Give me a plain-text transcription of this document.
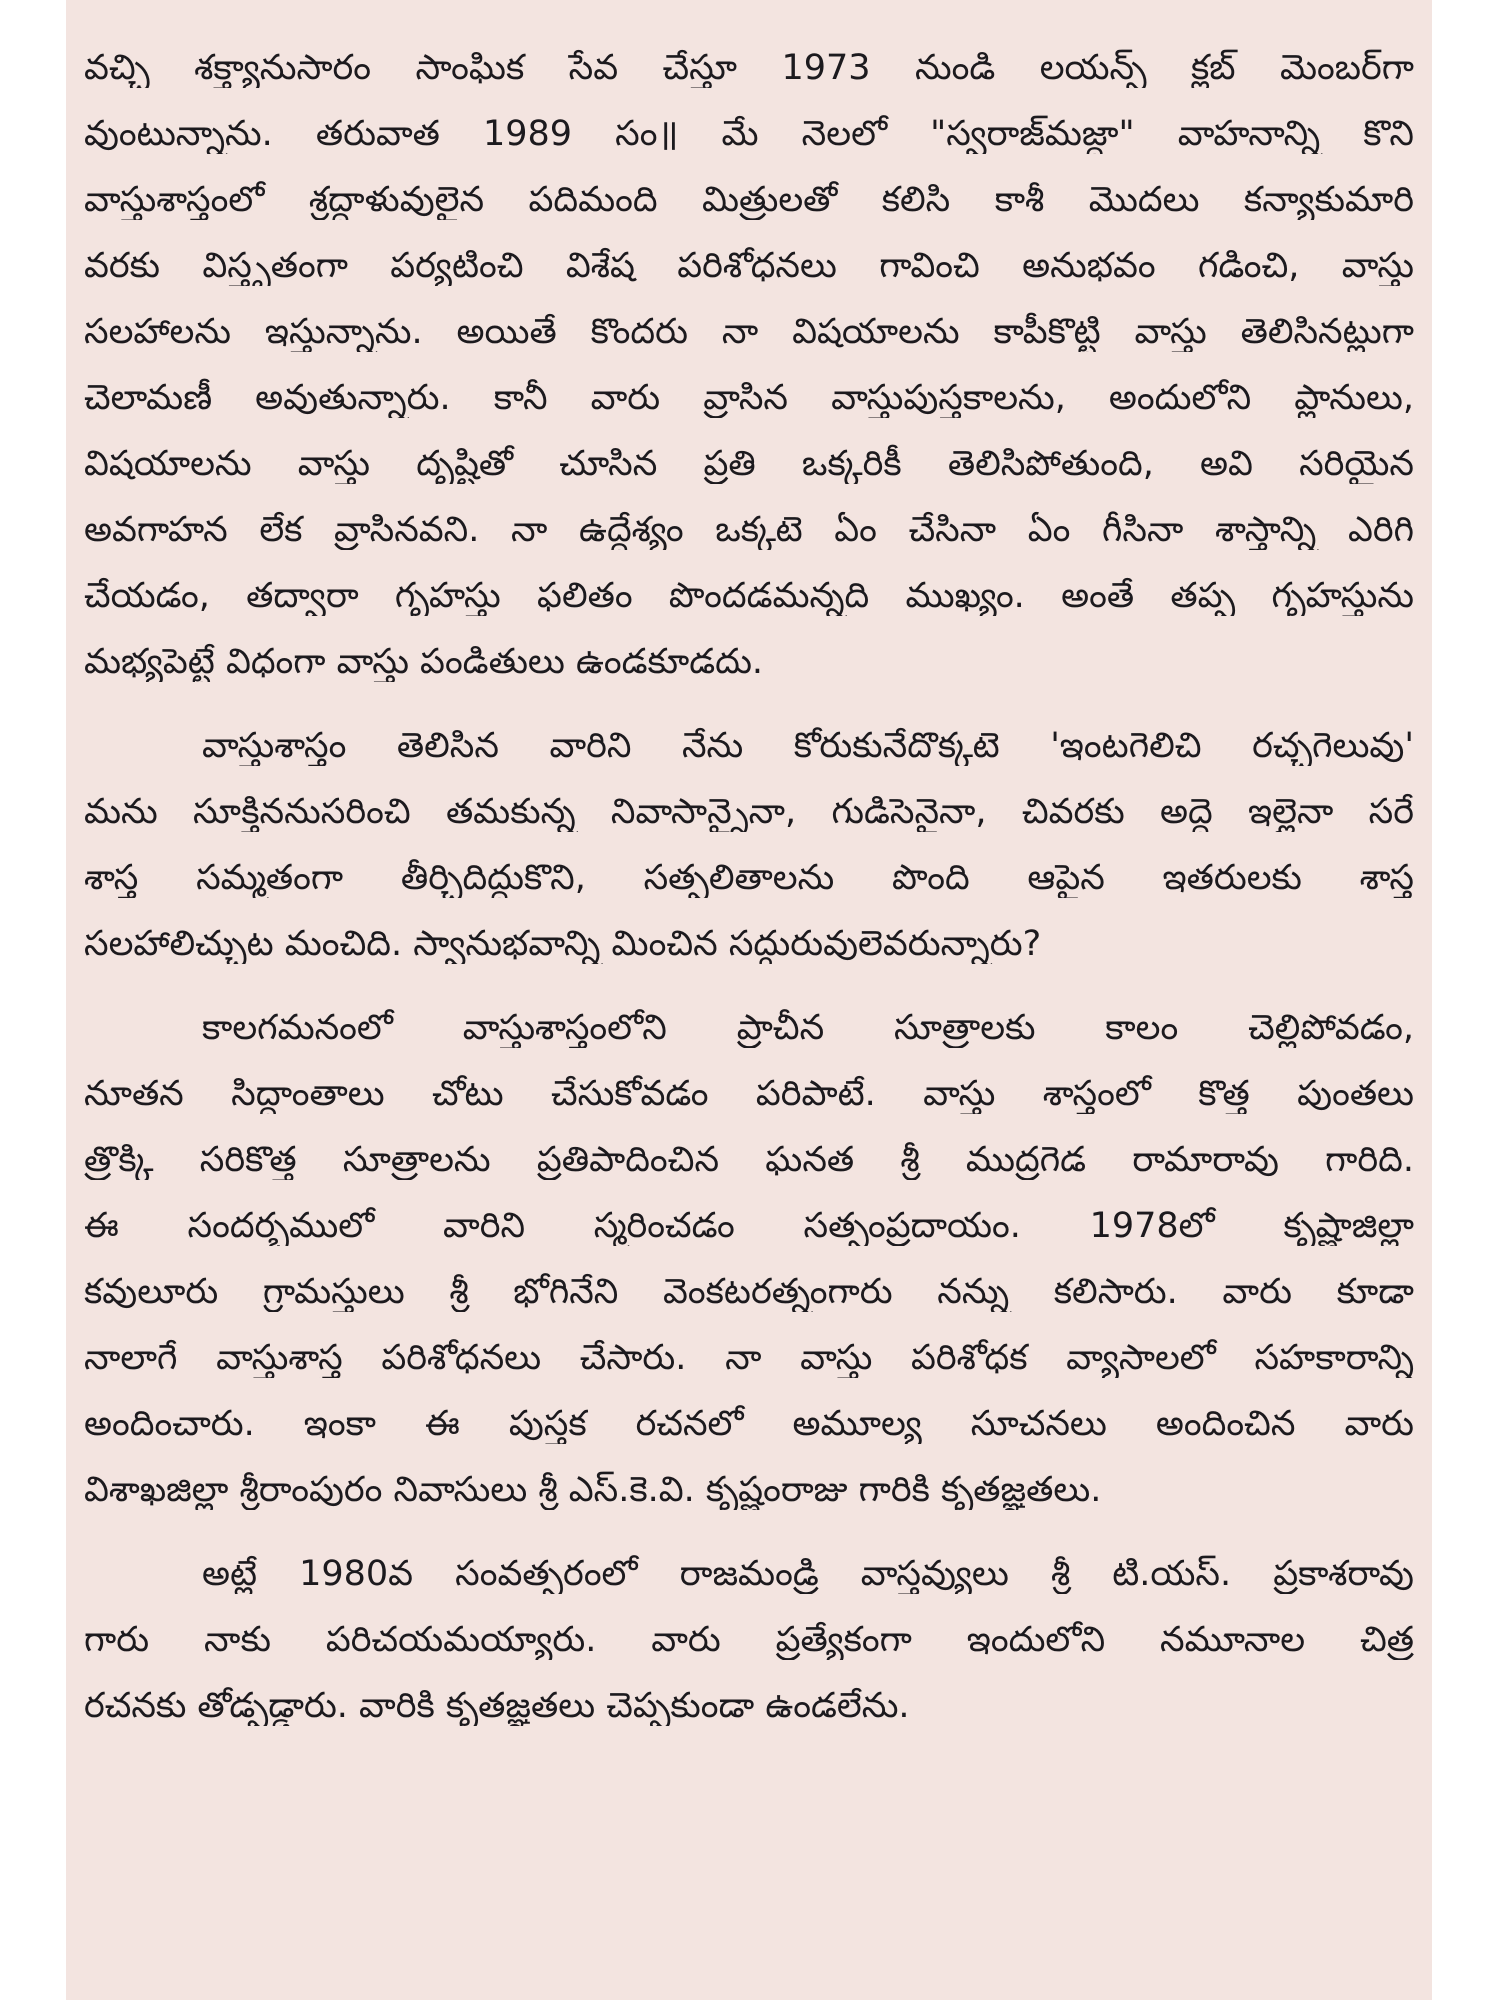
వచ్చి శక్త్యానుసారం సాంఘిక సేవ చేస్తూ 1973 నుండి లయన్స్ క్లబ్ మెంబర్‌గా
వుంటున్నాను. తరువాత 1989 సం॥ మే నెలలో "స్వరాజ్‌మజ్దా" వాహనాన్ని కొని
వాస్తుశాస్త్రంలో శ్రద్ధాళువులైన పదిమంది మిత్రులతో కలిసి కాశీ మొదలు కన్యాకుమారి
వరకు విస్తృతంగా పర్యటించి విశేష పరిశోధనలు గావించి అనుభవం గడించి, వాస్తు
సలహాలను ఇస్తున్నాను. అయితే కొందరు నా విషయాలను కాపీకొట్టి వాస్తు తెలిసినట్లుగా
చెలామణీ అవుతున్నారు. కానీ వారు వ్రాసిన వాస్తుపుస్తకాలను, అందులోని ప్లానులు,
విషయాలను వాస్తు దృష్టితో చూసిన ప్రతి ఒక్కరికీ తెలిసిపోతుంది, అవి సరియైన
అవగాహన లేక వ్రాసినవని. నా ఉద్దేశ్యం ఒక్కటె ఏం చేసినా ఏం గీసినా శాస్త్రాన్ని ఎరిగి
చేయడం, తద్వారా గృహస్తు ఫలితం పొందడమన్నది ముఖ్యం. అంతే తప్ప గృహస్తును
మభ్యపెట్టే విధంగా వాస్తు పండితులు ఉండకూడదు.
వాస్తుశాస్త్రం తెలిసిన వారిని నేను కోరుకునేదొక్కటె 'ఇంటగెలిచి రచ్చగెలువు'
మను సూక్తిననుసరించి తమకున్న నివాసాన్నైనా, గుడిసెనైనా, చివరకు అద్దె ఇల్లైనా సరే
శాస్త్ర సమ్మతంగా తీర్చిదిద్దుకొని, సత్ఫలితాలను పొంది ఆపైన ఇతరులకు శాస్త్ర
సలహాలిచ్చుట మంచిది. స్వానుభవాన్ని మించిన సద్గురువులెవరున్నారు?
కాలగమనంలో వాస్తుశాస్త్రంలోని ప్రాచీన సూత్రాలకు కాలం చెల్లిపోవడం,
నూతన సిద్ధాంతాలు చోటు చేసుకోవడం పరిపాటే. వాస్తు శాస్త్రంలో కొత్త పుంతలు
త్రొక్కి సరికొత్త సూత్రాలను ప్రతిపాదించిన ఘనత శ్రీ ముద్రగెడ రామారావు గారిది.
ఈ సందర్భములో వారిని స్మరించడం సత్సంప్రదాయం. 1978లో కృష్ణాజిల్లా
కవులూరు గ్రామస్తులు శ్రీ భోగినేని వెంకటరత్నంగారు నన్ను కలిసారు. వారు కూడా
నాలాగే వాస్తుశాస్త్ర పరిశోధనలు చేసారు. నా వాస్తు పరిశోధక వ్యాసాలలో సహకారాన్ని
అందించారు. ఇంకా ఈ పుస్తక రచనలో అమూల్య సూచనలు అందించిన వారు
విశాఖజిల్లా శ్రీరాంపురం నివాసులు శ్రీ ఎస్.కె.వి. కృష్ణంరాజు గారికి కృతజ్ఞతలు.
అట్లే 1980వ సంవత్సరంలో రాజమండ్రి వాస్తవ్యులు శ్రీ టి.యస్. ప్రకాశరావు
గారు నాకు పరిచయమయ్యారు. వారు ప్రత్యేకంగా ఇందులోని నమూనాల చిత్ర
రచనకు తోడ్పడ్డారు. వారికి కృతజ్ఞతలు చెప్పకుండా ఉండలేను.
